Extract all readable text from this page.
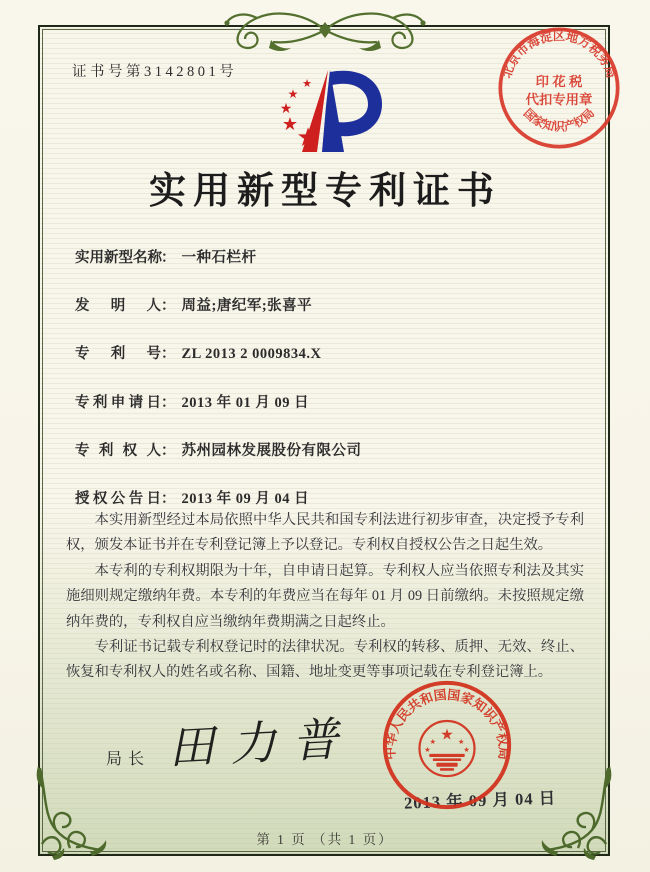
证书号第3142801号
★
★
★
★
★
实用新型专利证书
实用新型名称： 一种石栏杆
发明人： 周益;唐纪军;张喜平
专利号： ZL 2013 2 0009834.X
专利申请日： 2013 年 01 月 09 日
专利权人： 苏州园林发展股份有限公司
授权公告日： 2013 年 09 月 04 日

本实用新型经过本局依照中华人民共和国专利法进行初步审查，决定授予专利权，颁发本证书并在专利登记簿上予以登记。专利权自授权公告之日起生效。

本专利的专利权期限为十年，自申请日起算。专利权人应当依照专利法及其实施细则规定缴纳年费。本专利的年费应当在每年 01 月 09 日前缴纳。未按照规定缴纳年费的，专利权自应当缴纳年费期满之日起终止。

专利证书记载专利权登记时的法律状况。专利权的转移、质押、无效、终止、恢复和专利权人的姓名或名称、国籍、地址变更等事项记载在专利登记簿上。

2013 年 09 月 04 日
局长 田力普
北京市海淀区地方税务局
印 花 税
代扣专用章
国家知识产权局
中华人民共和国国家知识产权局
★
★	★
★	★
第 1 页 （共 1 页）
